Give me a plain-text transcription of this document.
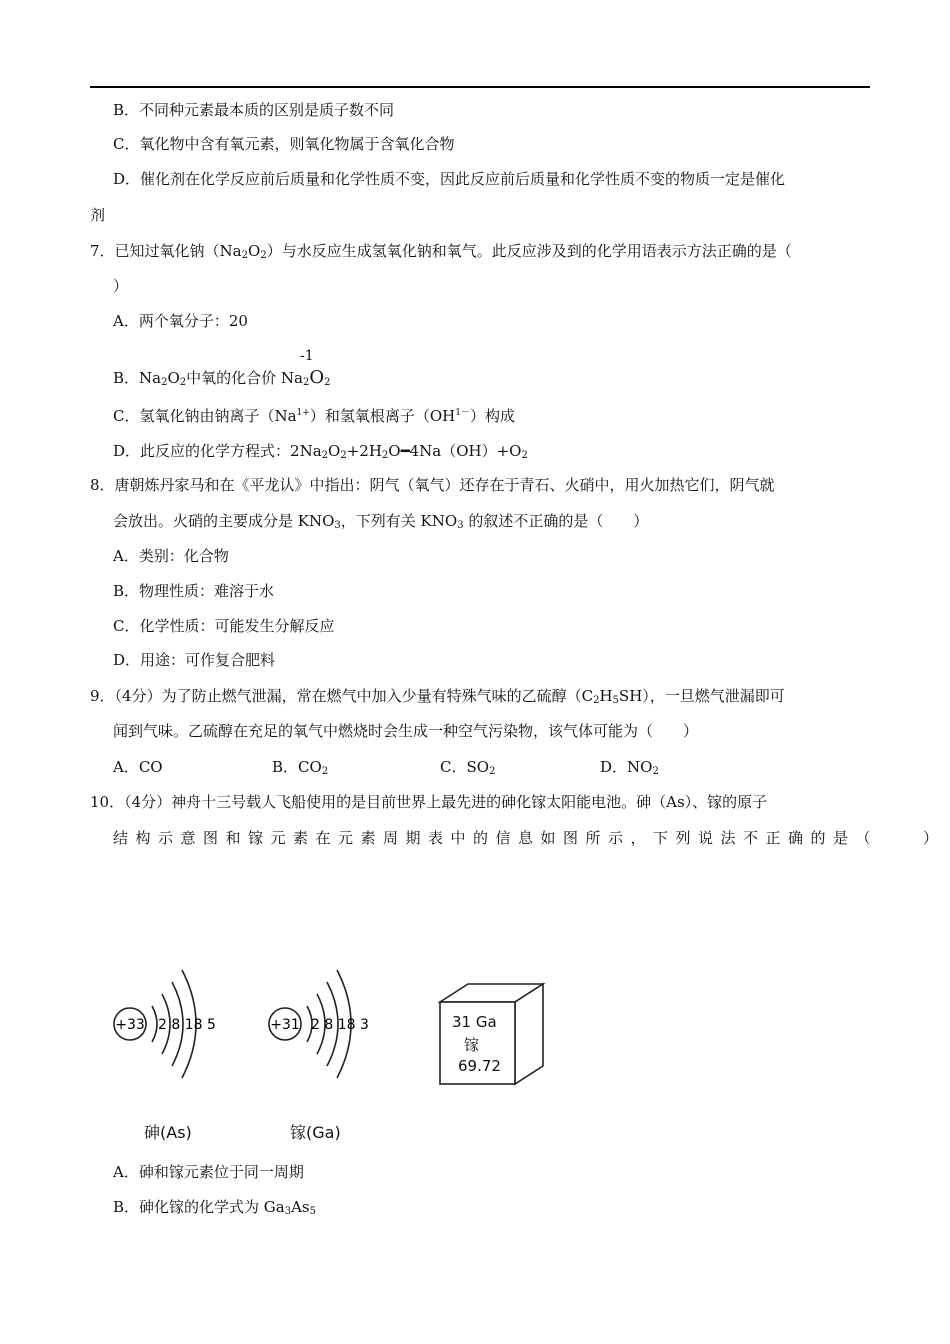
B．不同种元素最本质的区别是质子数不同
C．氧化物中含有氧元素，则氧化物属于含氧化合物
D．催化剂在化学反应前后质量和化学性质不变，因此反应前后质量和化学性质不变的物质一定是催化
剂
7．已知过氧化钠$(Na_2O_2)$与水反应生成氢氧化钠和氧气。此反应涉及到的化学用语表示方法正确的是（
）
A．两个氧分子：20
-1
B．$Na_2O_2$中氧的化合价 $Na_2O_2$
C．氢氧化钠由钠离子$(Na^{1+})$和氢氧根离子$(OH^{1-})$构成
D．此反应的化学方程式：$2Na_2O_2+2H_2O━4Na(OH)+O_2$
8．唐朝炼丹家马和在《平龙认》中指出：阴气（氧气）还存在于青石、火硝中，用火加热它们，阴气就
会放出。火硝的主要成分是 $KNO_3$，下列有关 $KNO_3$ 的叙述不正确的是（　　）
A．类别：化合物
B．物理性质：难溶于水
C．化学性质：可能发生分解反应
D．用途：可作复合肥料
9．（4分）为了防止燃气泄漏，常在燃气中加入少量有特殊气味的乙硫醇$(C_2H_5SH)$，一旦燃气泄漏即可
闻到气味。乙硫醇在充足的氧气中燃烧时会生成一种空气污染物，该气体可能为（　　）
A．CO	B．$CO_2$	C．$SO_2$	D．$NO_2$
10．（4分）神舟十三号载人飞船使用的是目前世界上最先进的砷化镓太阳能电池。砷（As）、镓的原子
结构示意图和镓元素在元素周期表中的信息如图所示，下列说法不正确的是（　　）
+33 2 8 18 5	+31 2 8 18 3	31 Ga
镓
69.72
砷(As)	镓(Ga)
A．砷和镓元素位于同一周期
B．砷化镓的化学式为 $Ga_3As_5$
